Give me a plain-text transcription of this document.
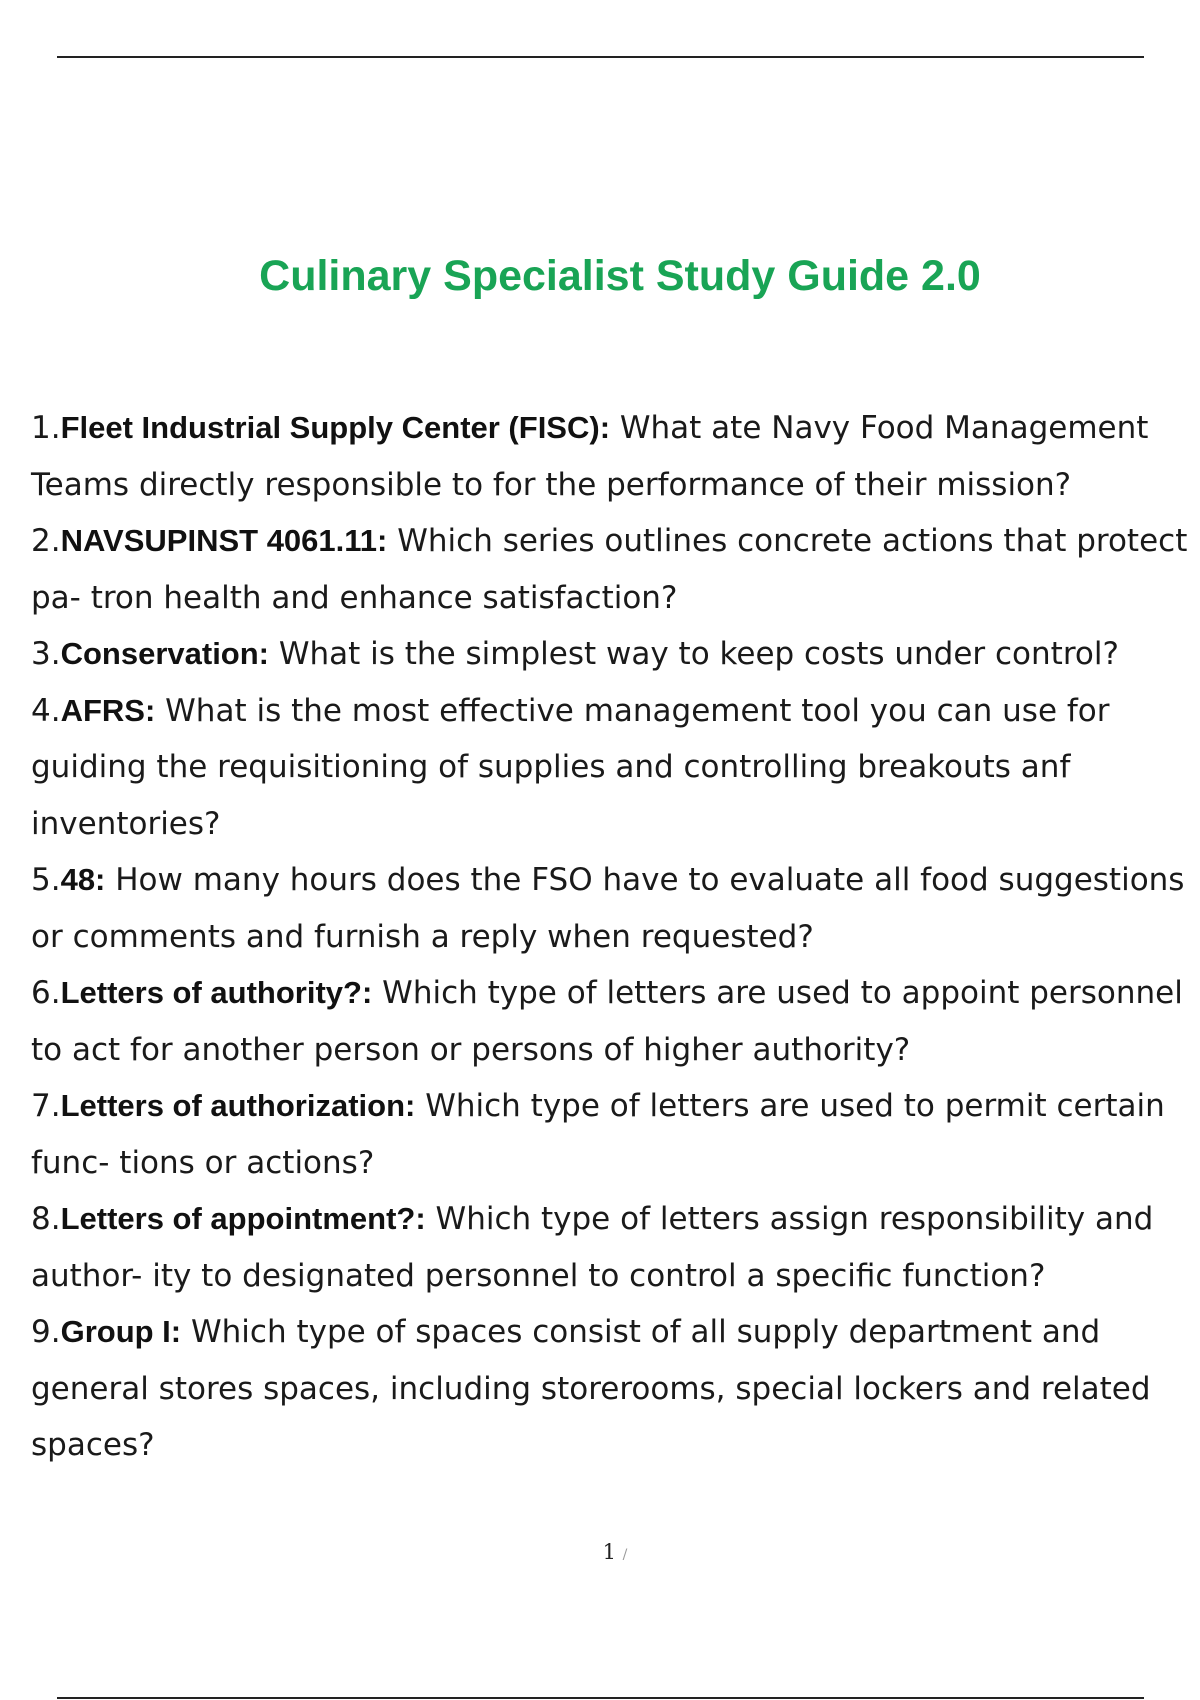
Culinary Specialist Study Guide 2.0
1.Fleet Industrial Supply Center (FISC): What ate Navy Food Management Teams directly responsible to for the performance of their mission?
2.NAVSUPINST 4061.11: Which series outlines concrete actions that protect pa- tron health and enhance satisfaction?
3.Conservation: What is the simplest way to keep costs under control?
4.AFRS: What is the most effective management tool you can use for guiding the requisitioning of supplies and controlling breakouts anf inventories?
5.48: How many hours does the FSO have to evaluate all food suggestions or comments and furnish a reply when requested?
6.Letters of authority?: Which type of letters are used to appoint personnel to act for another person or persons of higher authority?
7.Letters of authorization: Which type of letters are used to permit certain func- tions or actions?
8.Letters of appointment?: Which type of letters assign responsibility and author- ity to designated personnel to control a specific function?
9.Group I: Which type of spaces consist of all supply department and general stores spaces, including storerooms, special lockers and related spaces?
1 /
